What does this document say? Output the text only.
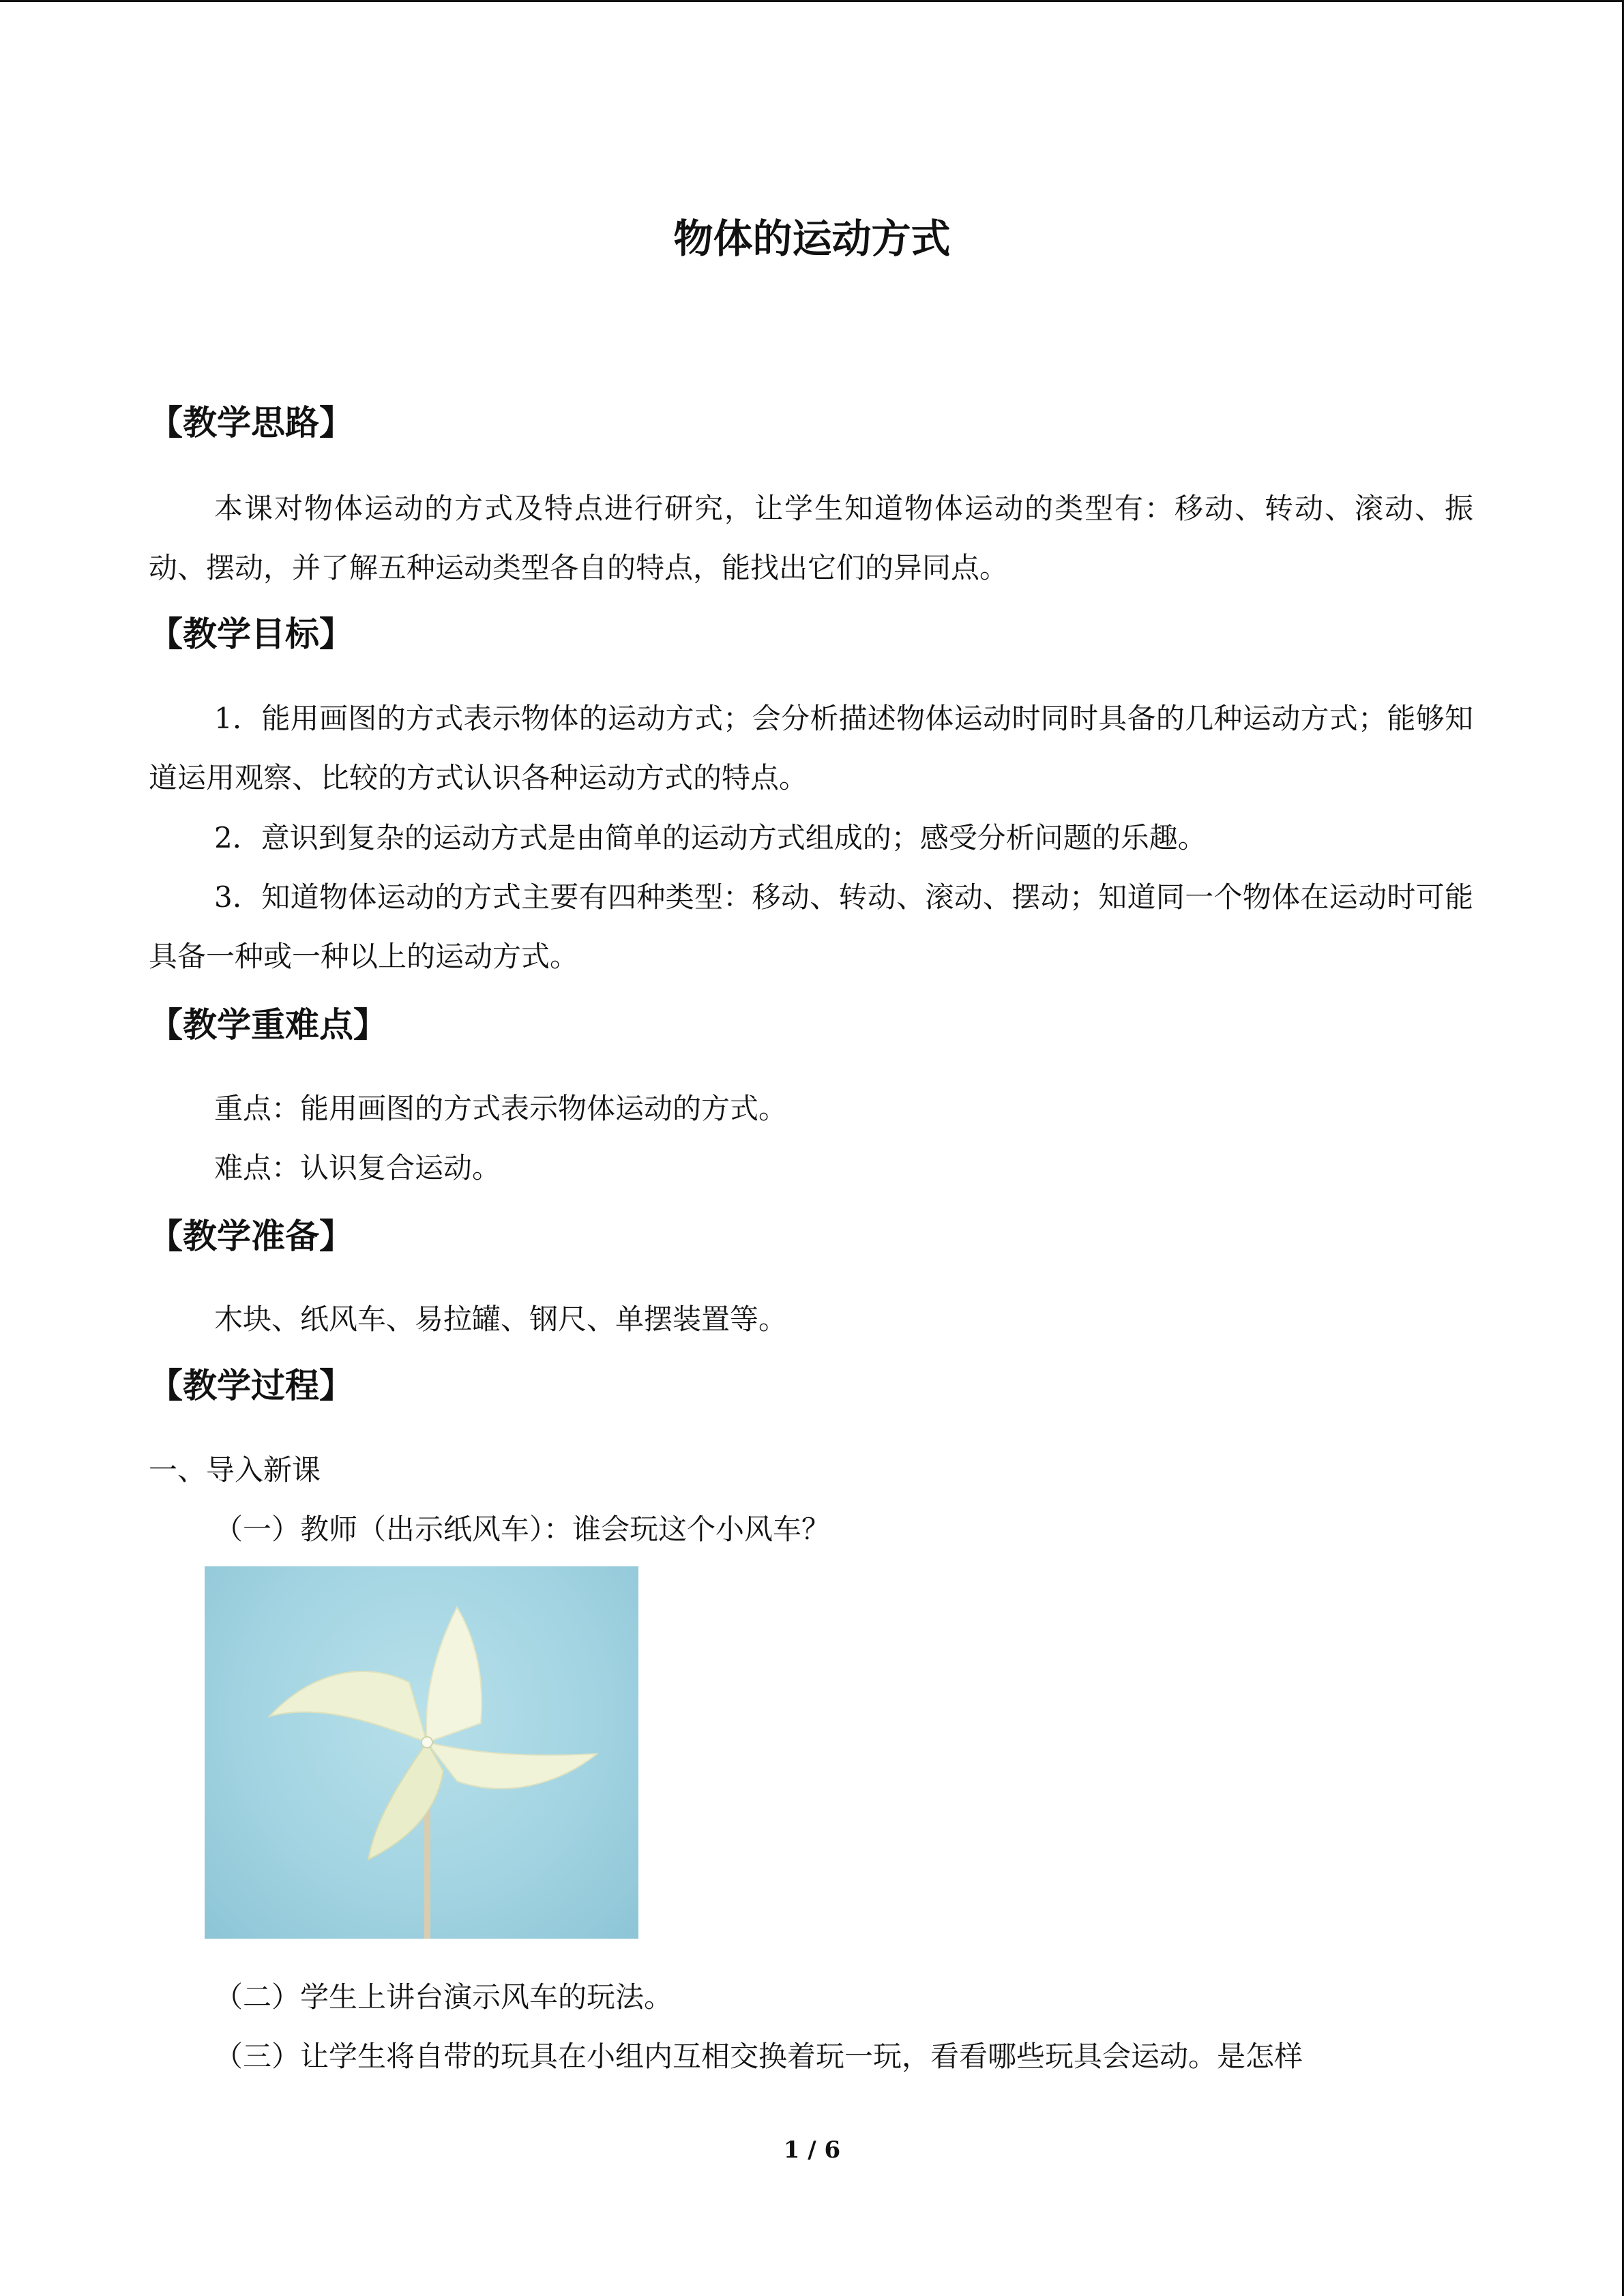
物体的运动方式
【教学思路】

本课对物体运动的方式及特点进行研究，让学生知道物体运动的类型有：移动、转动、滚动、振动、摆动，并了解五种运动类型各自的特点，能找出它们的异同点。

【教学目标】

1．能用画图的方式表示物体的运动方式；会分析描述物体运动时同时具备的几种运动方式；能够知道运用观察、比较的方式认识各种运动方式的特点。

2．意识到复杂的运动方式是由简单的运动方式组成的；感受分析问题的乐趣。

3．知道物体运动的方式主要有四种类型：移动、转动、滚动、摆动；知道同一个物体在运动时可能具备一种或一种以上的运动方式。

【教学重难点】

重点：能用画图的方式表示物体运动的方式。

难点：认识复合运动。

【教学准备】

木块、纸风车、易拉罐、钢尺、单摆装置等。

【教学过程】

一、导入新课

（一）教师（出示纸风车）：谁会玩这个小风车？

（二）学生上讲台演示风车的玩法。

（三）让学生将自带的玩具在小组内互相交换着玩一玩，看看哪些玩具会运动。是怎样

1 / 6
